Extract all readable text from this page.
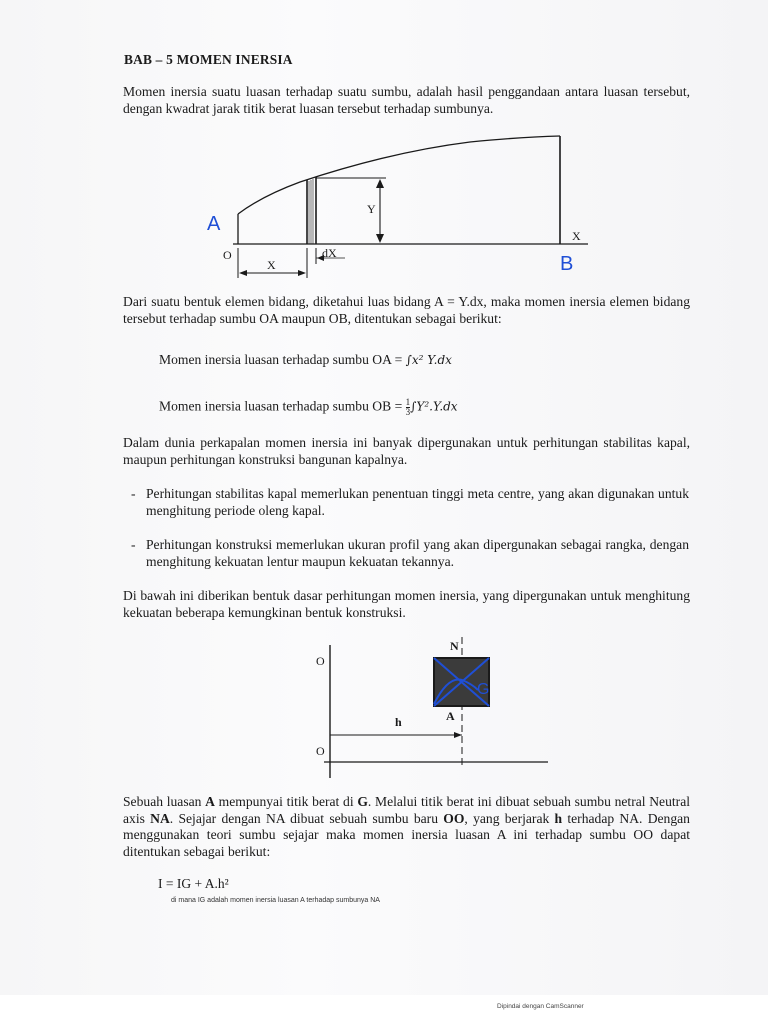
BAB – 5 MOMEN INERSIA
Momen inersia suatu luasan terhadap suatu sumbu, adalah hasil penggandaan antara luasan tersebut, dengan kwadrat jarak titik berat luasan tersebut terhadap sumbunya.
O
X
Y
X
dX
A
B
Dari suatu bentuk elemen bidang, diketahui luas bidang A = Y.dx, maka momen inersia elemen bidang tersebut terhadap sumbu OA maupun OB, ditentukan sebagai berikut:
Momen inersia luasan terhadap sumbu OA = ∫x² Y.dx
Momen inersia luasan terhadap sumbu OB = $\frac{1}{3} \int Y^2.Y.dx$
Dalam dunia perkapalan momen inersia ini banyak dipergunakan untuk perhitungan stabilitas kapal, maupun perhitungan konstruksi bangunan kapalnya.
- Perhitungan stabilitas kapal memerlukan penentuan tinggi meta centre, yang akan digunakan untuk menghitung periode oleng kapal.
- Perhitungan konstruksi memerlukan ukuran profil yang akan dipergunakan sebagai rangka, dengan menghitung kekuatan lentur maupun kekuatan tekannya.
Di bawah ini diberikan bentuk dasar perhitungan momen inersia, yang dipergunakan untuk menghitung kekuatan beberapa kemungkinan bentuk konstruksi.
O
O
N
A
h
G
Sebuah luasan A mempunyai titik berat di G. Melalui titik berat ini dibuat sebuah sumbu netral Neutral axis NA. Sejajar dengan NA dibuat sebuah sumbu baru OO, yang berjarak h terhadap NA. Dengan menggunakan teori sumbu sejajar maka momen inersia luasan A ini terhadap sumbu OO dapat ditentukan sebagai berikut:
I = IG + A.h²
di mana IG adalah momen inersia luasan A terhadap sumbunya NA
Dipindai dengan CamScanner
